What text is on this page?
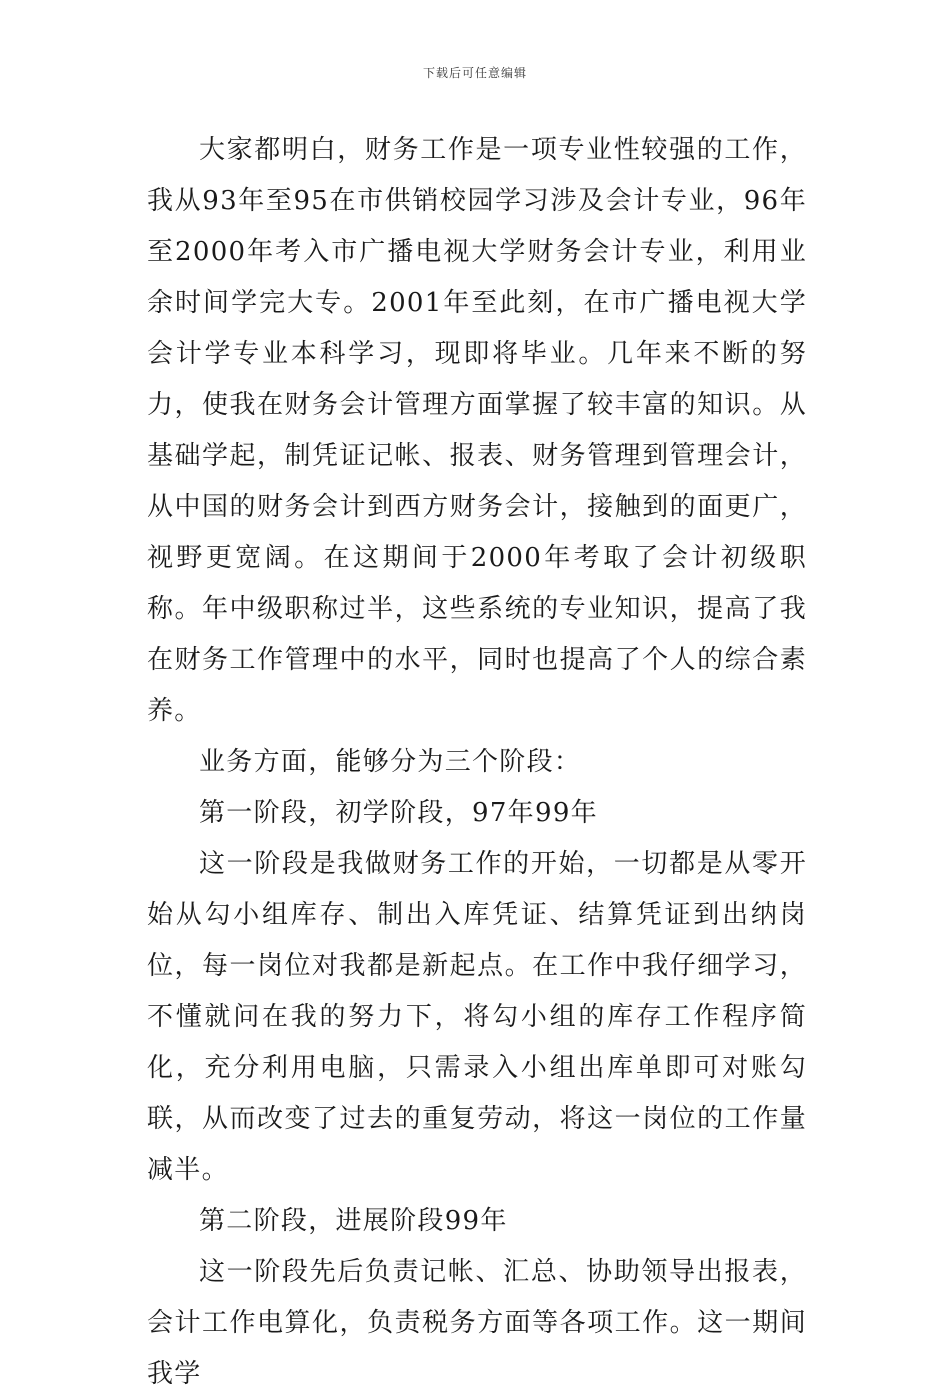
下载后可任意编辑

大家都明白，财务工作是一项专业性较强的工作，我从93年至95在市供销校园学习涉及会计专业，96年至2000年考入市广播电视大学财务会计专业，利用业余时间学完大专。2001年至此刻，在市广播电视大学会计学专业本科学习，现即将毕业。几年来不断的努力，使我在财务会计管理方面掌握了较丰富的知识。从基础学起，制凭证记帐、报表、财务管理到管理会计，从中国的财务会计到西方财务会计，接触到的面更广，视野更宽阔。在这期间于2000年考取了会计初级职称。年中级职称过半，这些系统的专业知识，提高了我在财务工作管理中的水平，同时也提高了个人的综合素养。

业务方面，能够分为三个阶段：

第一阶段，初学阶段，97年99年

这一阶段是我做财务工作的开始，一切都是从零开始从勾小组库存、制出入库凭证、结算凭证到出纳岗位，每一岗位对我都是新起点。在工作中我仔细学习，不懂就问在我的努力下，将勾小组的库存工作程序简化，充分利用电脑，只需录入小组出库单即可对账勾联，从而改变了过去的重复劳动，将这一岗位的工作量减半。

第二阶段，进展阶段99年

这一阶段先后负责记帐、汇总、协助领导出报表，会计工作电算化，负责税务方面等各项工作。这一期间我学
